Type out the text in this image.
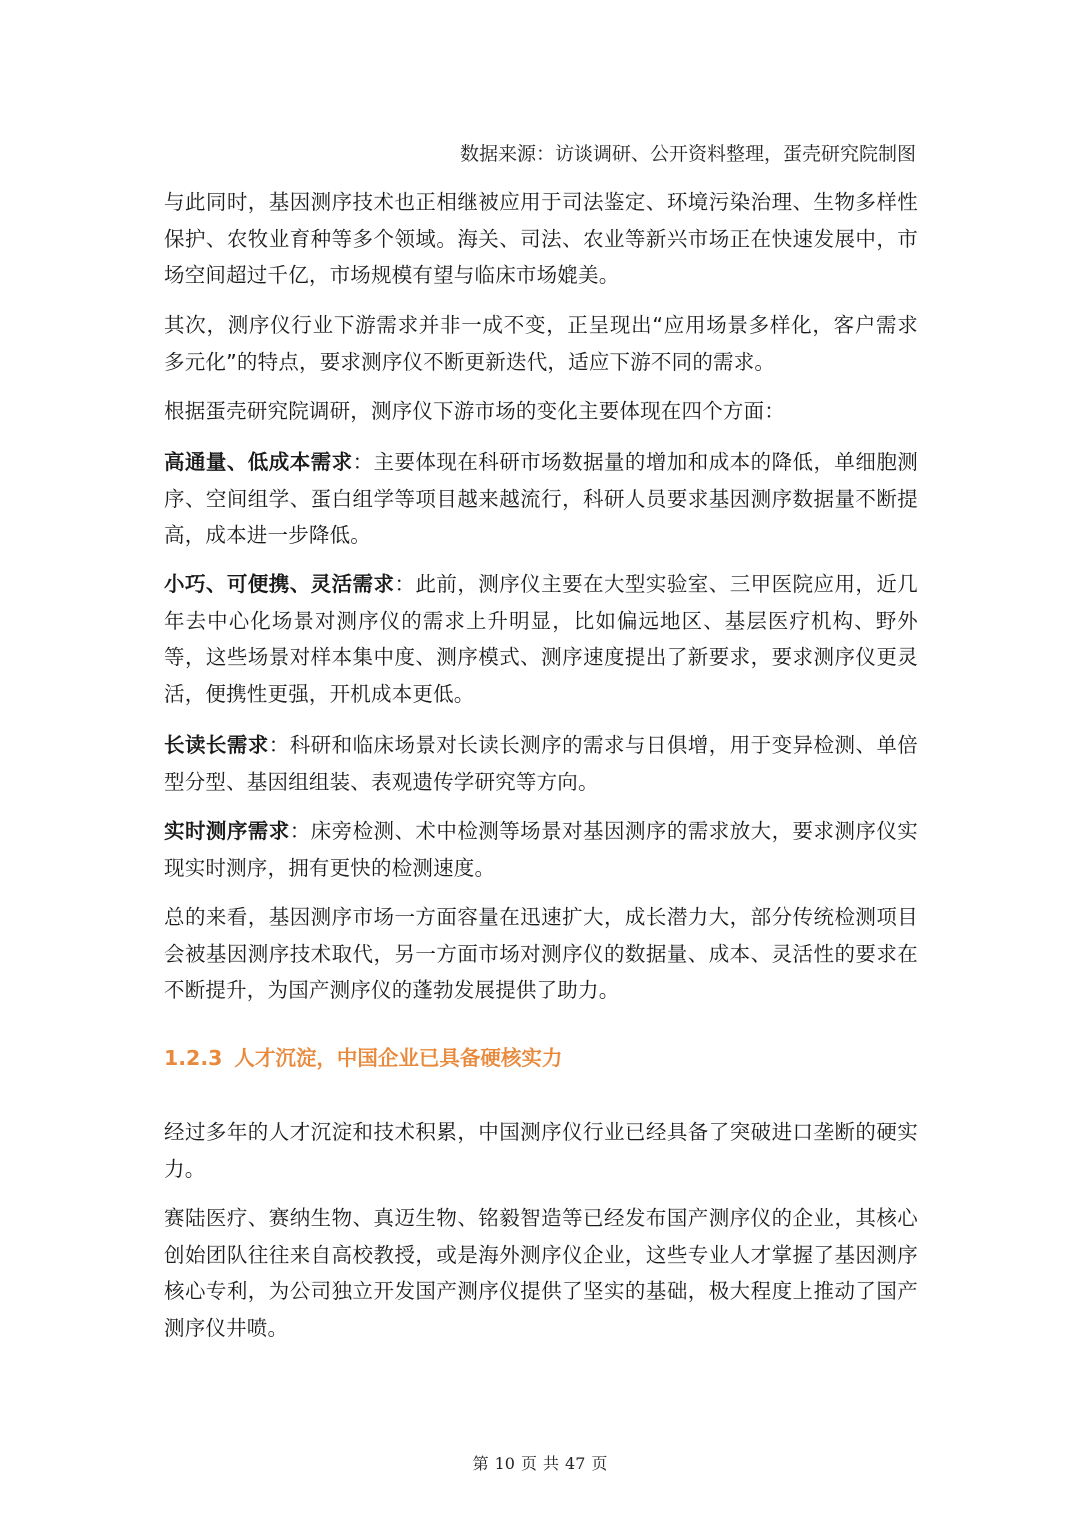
数据来源：访谈调研、公开资料整理，蛋壳研究院制图

与此同时，基因测序技术也正相继被应用于司法鉴定、环境污染治理、生物多样性保护、农牧业育种等多个领域。海关、司法、农业等新兴市场正在快速发展中，市场空间超过千亿，市场规模有望与临床市场媲美。

其次，测序仪行业下游需求并非一成不变，正呈现出“应用场景多样化，客户需求多元化”的特点，要求测序仪不断更新迭代，适应下游不同的需求。

根据蛋壳研究院调研，测序仪下游市场的变化主要体现在四个方面：

高通量、低成本需求：主要体现在科研市场数据量的增加和成本的降低，单细胞测序、空间组学、蛋白组学等项目越来越流行，科研人员要求基因测序数据量不断提高，成本进一步降低。

小巧、可便携、灵活需求：此前，测序仪主要在大型实验室、三甲医院应用，近几年去中心化场景对测序仪的需求上升明显，比如偏远地区、基层医疗机构、野外等，这些场景对样本集中度、测序模式、测序速度提出了新要求，要求测序仪更灵活，便携性更强，开机成本更低。

长读长需求：科研和临床场景对长读长测序的需求与日俱增，用于变异检测、单倍型分型、基因组组装、表观遗传学研究等方向。

实时测序需求：床旁检测、术中检测等场景对基因测序的需求放大，要求测序仪实现实时测序，拥有更快的检测速度。

总的来看，基因测序市场一方面容量在迅速扩大，成长潜力大，部分传统检测项目会被基因测序技术取代，另一方面市场对测序仪的数据量、成本、灵活性的要求在不断提升，为国产测序仪的蓬勃发展提供了助力。

1.2.3 人才沉淀，中国企业已具备硬核实力

经过多年的人才沉淀和技术积累，中国测序仪行业已经具备了突破进口垄断的硬实力。

赛陆医疗、赛纳生物、真迈生物、铭毅智造等已经发布国产测序仪的企业，其核心创始团队往往来自高校教授，或是海外测序仪企业，这些专业人才掌握了基因测序核心专利，为公司独立开发国产测序仪提供了坚实的基础，极大程度上推动了国产测序仪井喷。

第 10 页 共 47 页
